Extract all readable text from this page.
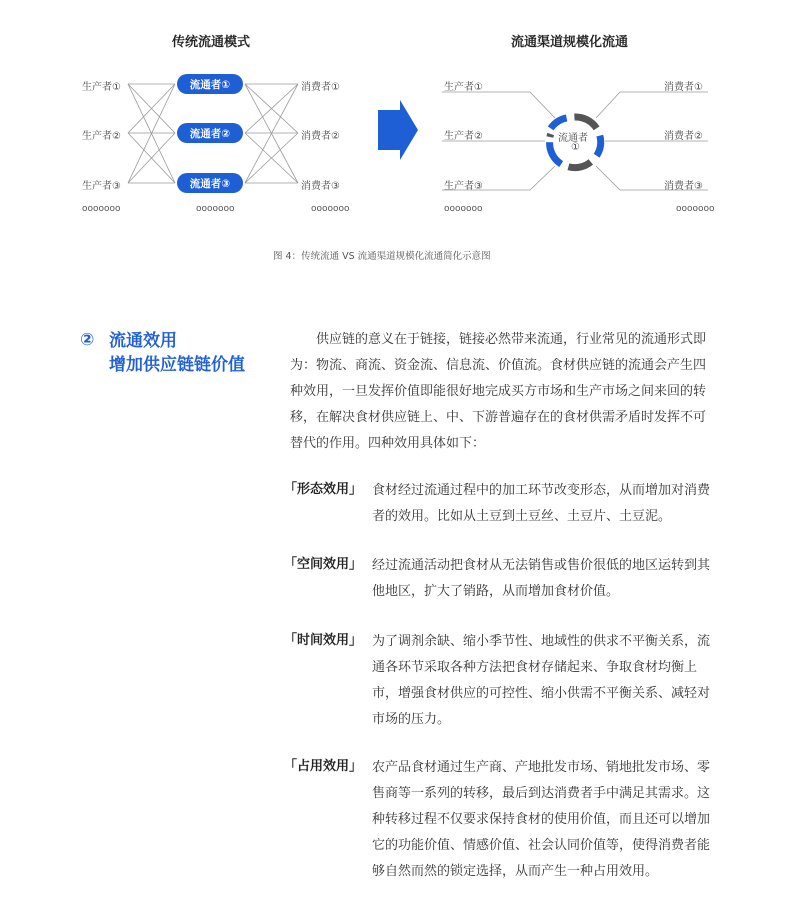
传统流通模式	流通渠道规模化流通
生产者①
生产者②
生产者③
流通者①
流通者②
流通者③
消费者①
消费者②
消费者③
ooooooo	ooooooo	ooooooo
生产者①
生产者②
生产者③
消费者①
消费者②
消费者③
流通者
①
ooooooo	ooooooo
图 4：传统流通 VS 流通渠道规模化流通简化示意图
② 流通效用
增加供应链链价值
供应链的意义在于链接，链接必然带来流通，行业常见的流通形式即为：物流、商流、资金流、信息流、价值流。食材供应链的流通会产生四种效用，一旦发挥价值即能很好地完成买方市场和生产市场之间来回的转移，在解决食材供应链上、中、下游普遍存在的食材供需矛盾时发挥不可替代的作用。四种效用具体如下：
「形态效用」 食材经过流通过程中的加工环节改变形态，从而增加对消费者的效用。比如从土豆到土豆丝、土豆片、土豆泥。
「空间效用」 经过流通活动把食材从无法销售或售价很低的地区运转到其他地区，扩大了销路，从而增加食材价值。
「时间效用」 为了调剂余缺、缩小季节性、地域性的供求不平衡关系，流通各环节采取各种方法把食材存储起来、争取食材均衡上市，增强食材供应的可控性、缩小供需不平衡关系、减轻对市场的压力。
「占用效用」 农产品食材通过生产商、产地批发市场、销地批发市场、零售商等一系列的转移，最后到达消费者手中满足其需求。这种转移过程不仅要求保持食材的使用价值，而且还可以增加它的功能价值、情感价值、社会认同价值等，使得消费者能够自然而然的锁定选择，从而产生一种占用效用。
